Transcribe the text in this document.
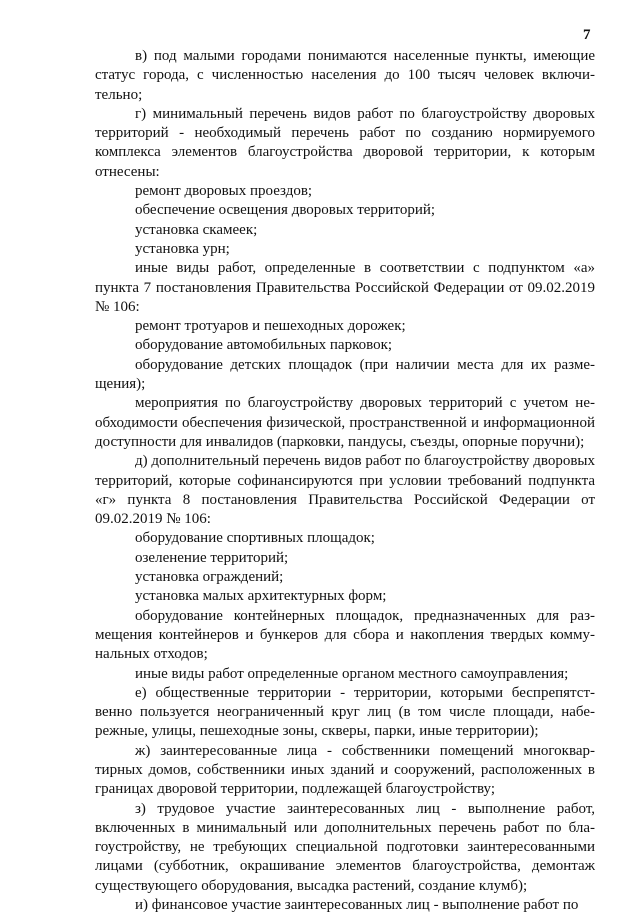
7

в) под малыми городами понимаются населенные пункты, имеющие статус города, с численностью населения до 100 тысяч человек включительно;

г) минимальный перечень видов работ по благоустройству дворовых территорий - необходимый перечень работ по созданию нормируемого комплекса элементов благоустройства дворовой территории, к которым отнесены:

ремонт дворовых проездов;

обеспечение освещения дворовых территорий;

установка скамеек;

установка урн;

иные виды работ, определенные в соответствии с подпунктом «а» пункта 7 постановления Правительства Российской Федерации от 09.02.2019 № 106:

ремонт тротуаров и пешеходных дорожек;

оборудование автомобильных парковок;

оборудование детских площадок (при наличии места для их размещения);

мероприятия по благоустройству дворовых территорий с учетом необходимости обеспечения физической, пространственной и информационной доступности для инвалидов (парковки, пандусы, съезды, опорные поручни);

д) дополнительный перечень видов работ по благоустройству дворовых территорий, которые софинансируются при условии требований подпункта «г» пункта 8 постановления Правительства Российской Федерации от 09.02.2019 № 106:

оборудование спортивных площадок;

озеленение территорий;

установка ограждений;

установка малых архитектурных форм;

оборудование контейнерных площадок, предназначенных для размещения контейнеров и бункеров для сбора и накопления твердых коммунальных отходов;

иные виды работ определенные органом местного самоуправления;

е) общественные территории - территории, которыми беспрепятственно пользуется неограниченный круг лиц (в том числе площади, набережные, улицы, пешеходные зоны, скверы, парки, иные территории);

ж) заинтересованные лица - собственники помещений многоквартирных домов, собственники иных зданий и сооружений, расположенных в границах дворовой территории, подлежащей благоустройству;

з) трудовое участие заинтересованных лиц - выполнение работ, включенных в минимальный или дополнительных перечень работ по благоустройству, не требующих специальной подготовки заинтересованными лицами (субботник, окрашивание элементов благоустройства, демонтаж существующего оборудования, высадка растений, создание клумб);

и) финансовое участие заинтересованных лиц - выполнение работ по
